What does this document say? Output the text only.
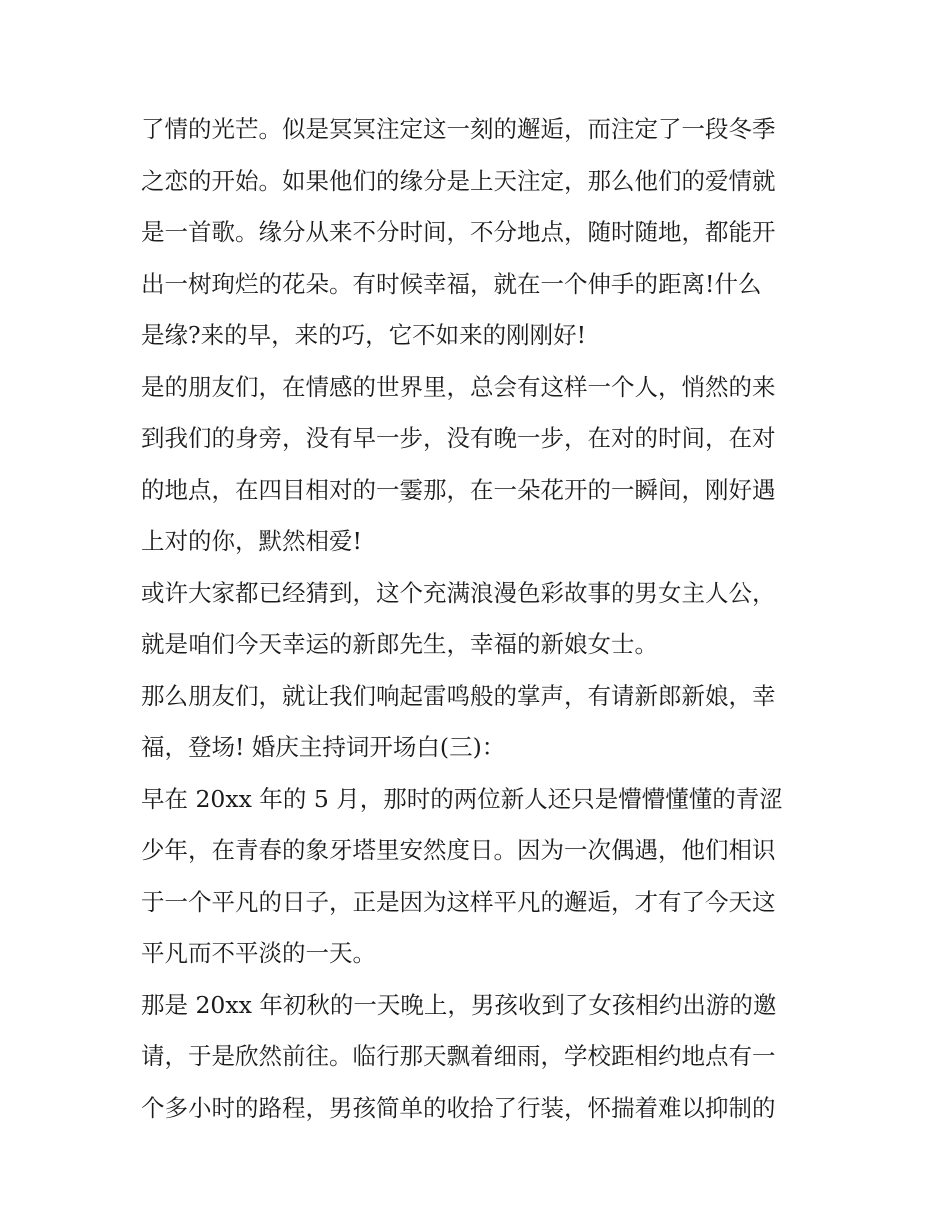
了情的光芒。似是冥冥注定这一刻的邂逅，而注定了一段冬季
之恋的开始。如果他们的缘分是上天注定，那么他们的爱情就
是一首歌。缘分从来不分时间，不分地点，随时随地，都能开
出一树珣烂的花朵。有时候幸福，就在一个伸手的距离!什么
是缘?来的早，来的巧，它不如来的刚刚好!
是的朋友们，在情感的世界里，总会有这样一个人，悄然的来
到我们的身旁，没有早一步，没有晚一步，在对的时间，在对
的地点，在四目相对的一霎那，在一朵花开的一瞬间，刚好遇
上对的你，默然相爱!
或许大家都已经猜到，这个充满浪漫色彩故事的男女主人公，
就是咱们今天幸运的新郎先生，幸福的新娘女士。
那么朋友们，就让我们响起雷鸣般的掌声，有请新郎新娘，幸
福，登场! 婚庆主持词开场白(三)：
早在 20xx 年的 5 月，那时的两位新人还只是懵懵懂懂的青涩
少年，在青春的象牙塔里安然度日。因为一次偶遇，他们相识
于一个平凡的日子，正是因为这样平凡的邂逅，才有了今天这
平凡而不平淡的一天。
那是 20xx 年初秋的一天晚上，男孩收到了女孩相约出游的邀
请，于是欣然前往。临行那天飘着细雨，学校距相约地点有一
个多小时的路程，男孩简单的收拾了行装，怀揣着难以抑制的
